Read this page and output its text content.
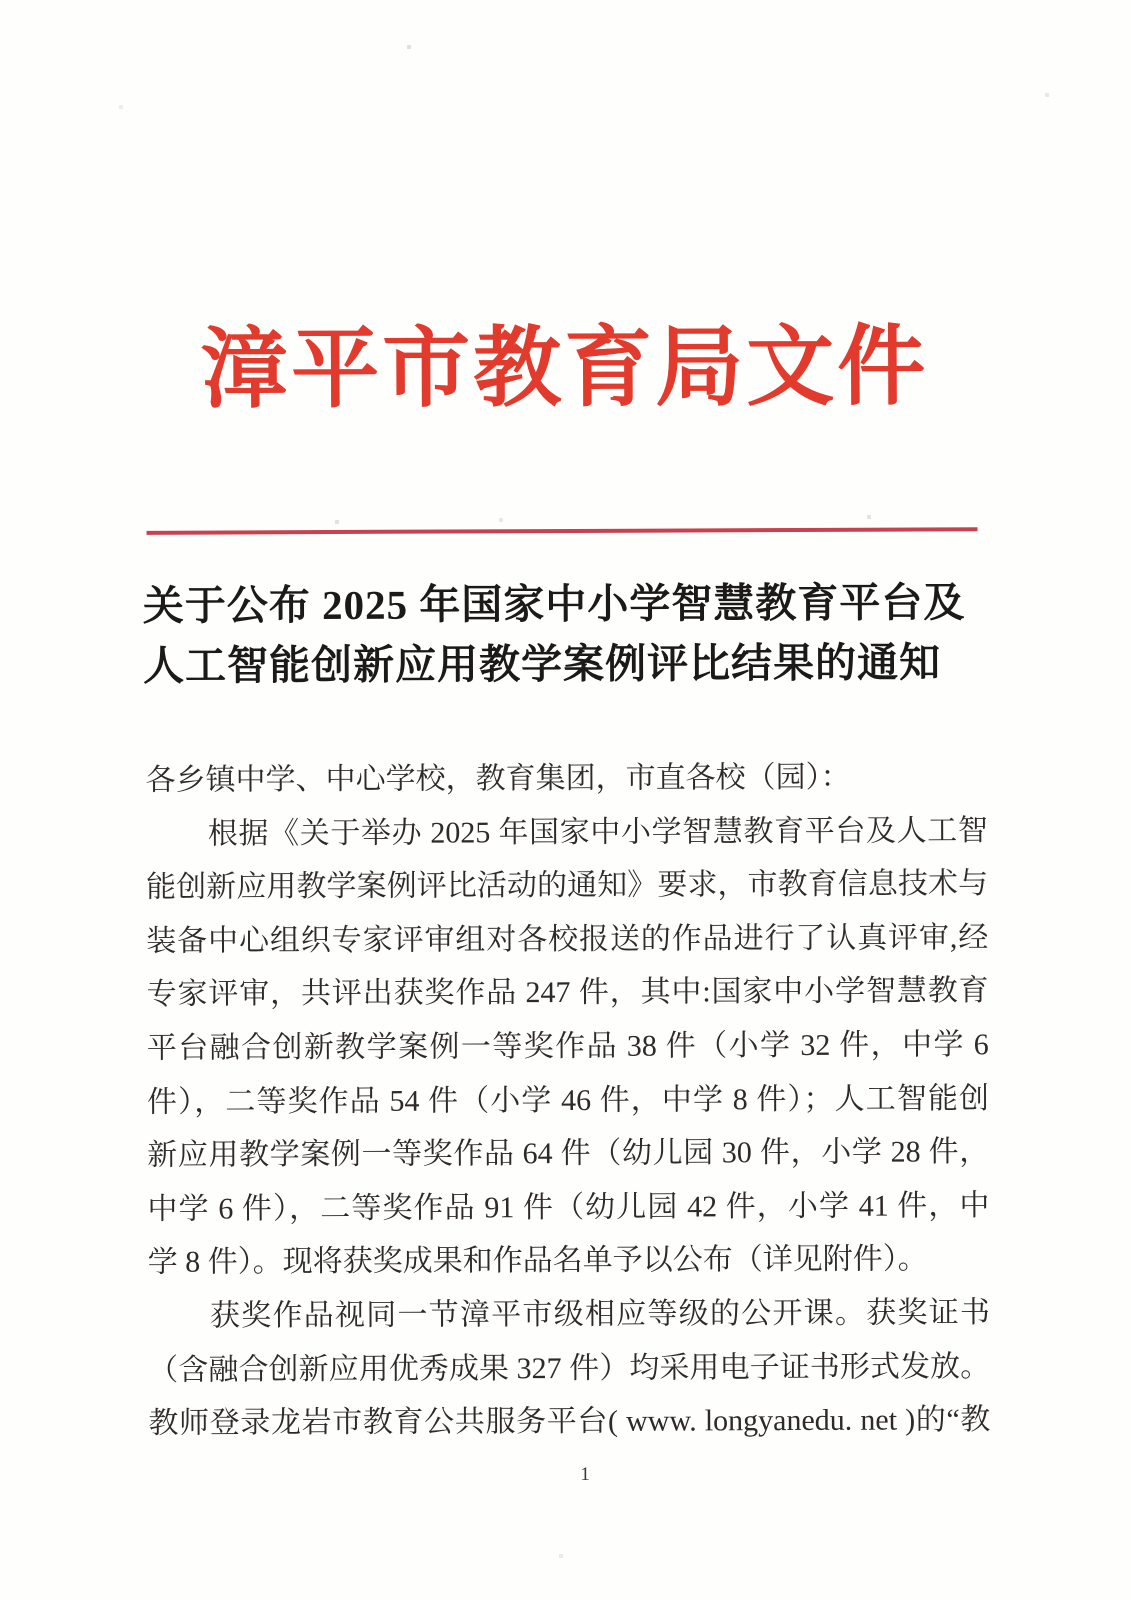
漳平市教育局文件
关于公布 2025 年国家中小学智慧教育平台及
人工智能创新应用教学案例评比结果的通知
各乡镇中学、中心学校，教育集团，市直各校（园）：
根据《关于举办 2025 年国家中小学智慧教育平台及人工智
能创新应用教学案例评比活动的通知》要求，市教育信息技术与
装备中心组织专家评审组对各校报送的作品进行了认真评审,经
专家评审，共评出获奖作品 247 件，其中:国家中小学智慧教育
平台融合创新教学案例一等奖作品 38 件（小学 32 件，中学 6
件），二等奖作品 54 件（小学 46 件，中学 8 件）；人工智能创
新应用教学案例一等奖作品 64 件（幼儿园 30 件，小学 28 件，
中学 6 件），二等奖作品 91 件（幼儿园 42 件，小学 41 件，中
学 8 件）。现将获奖成果和作品名单予以公布（详见附件）。
获奖作品视同一节漳平市级相应等级的公开课。获奖证书
（含融合创新应用优秀成果 327 件）均采用电子证书形式发放。
教师登录龙岩市教育公共服务平台( www. longyanedu. net )的“教
1
